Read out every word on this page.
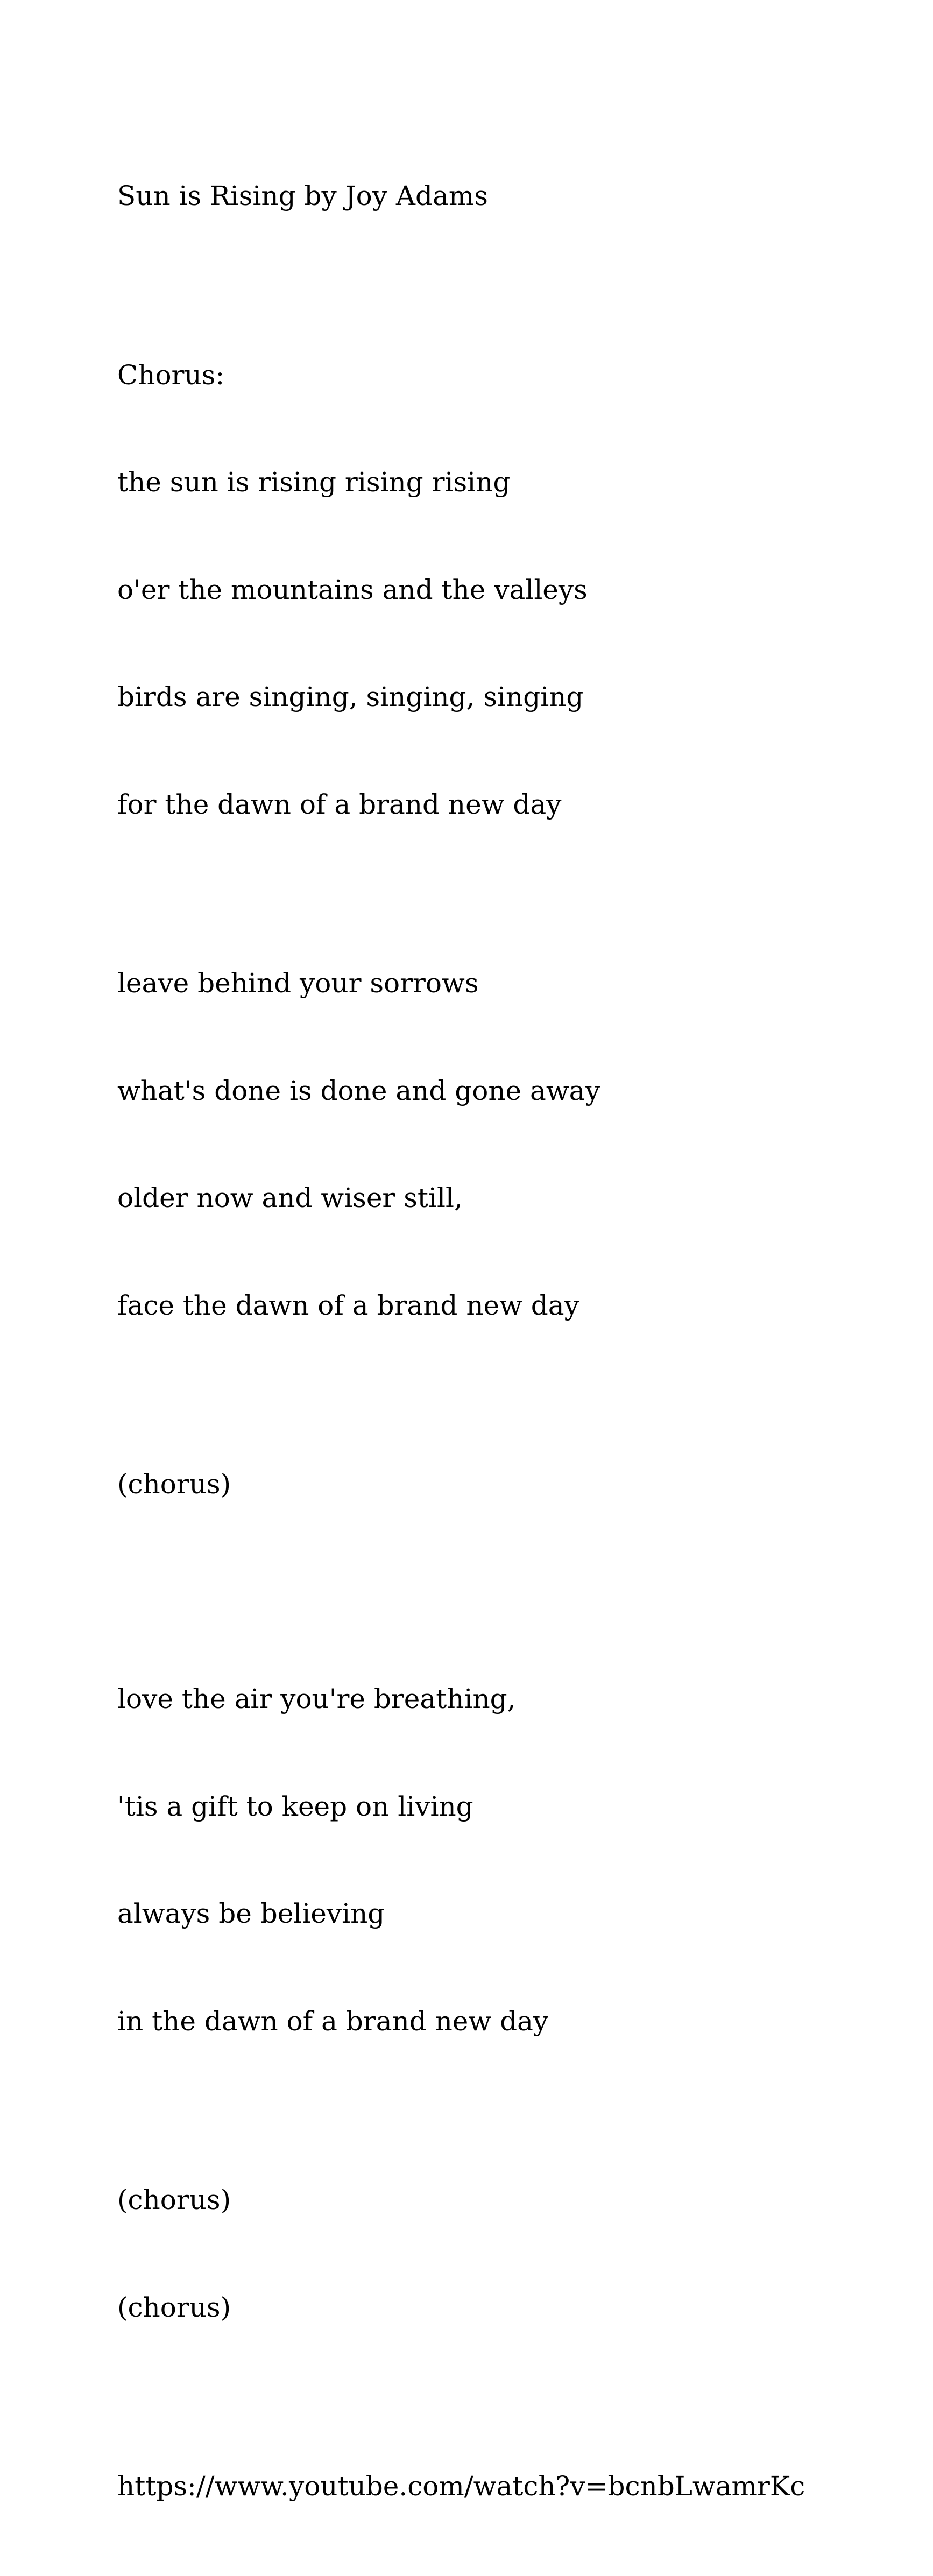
Sun is Rising by Joy Adams

Chorus:

the sun is rising rising rising

o'er the mountains and the valleys

birds are singing, singing, singing

for the dawn of a brand new day

leave behind your sorrows

what's done is done and gone away

older now and wiser still,

face the dawn of a brand new day

(chorus)

love the air you're breathing,

'tis a gift to keep on living

always be believing

in the dawn of a brand new day

(chorus)

(chorus)

https://www.youtube.com/watch?v=bcnbLwamrKc
